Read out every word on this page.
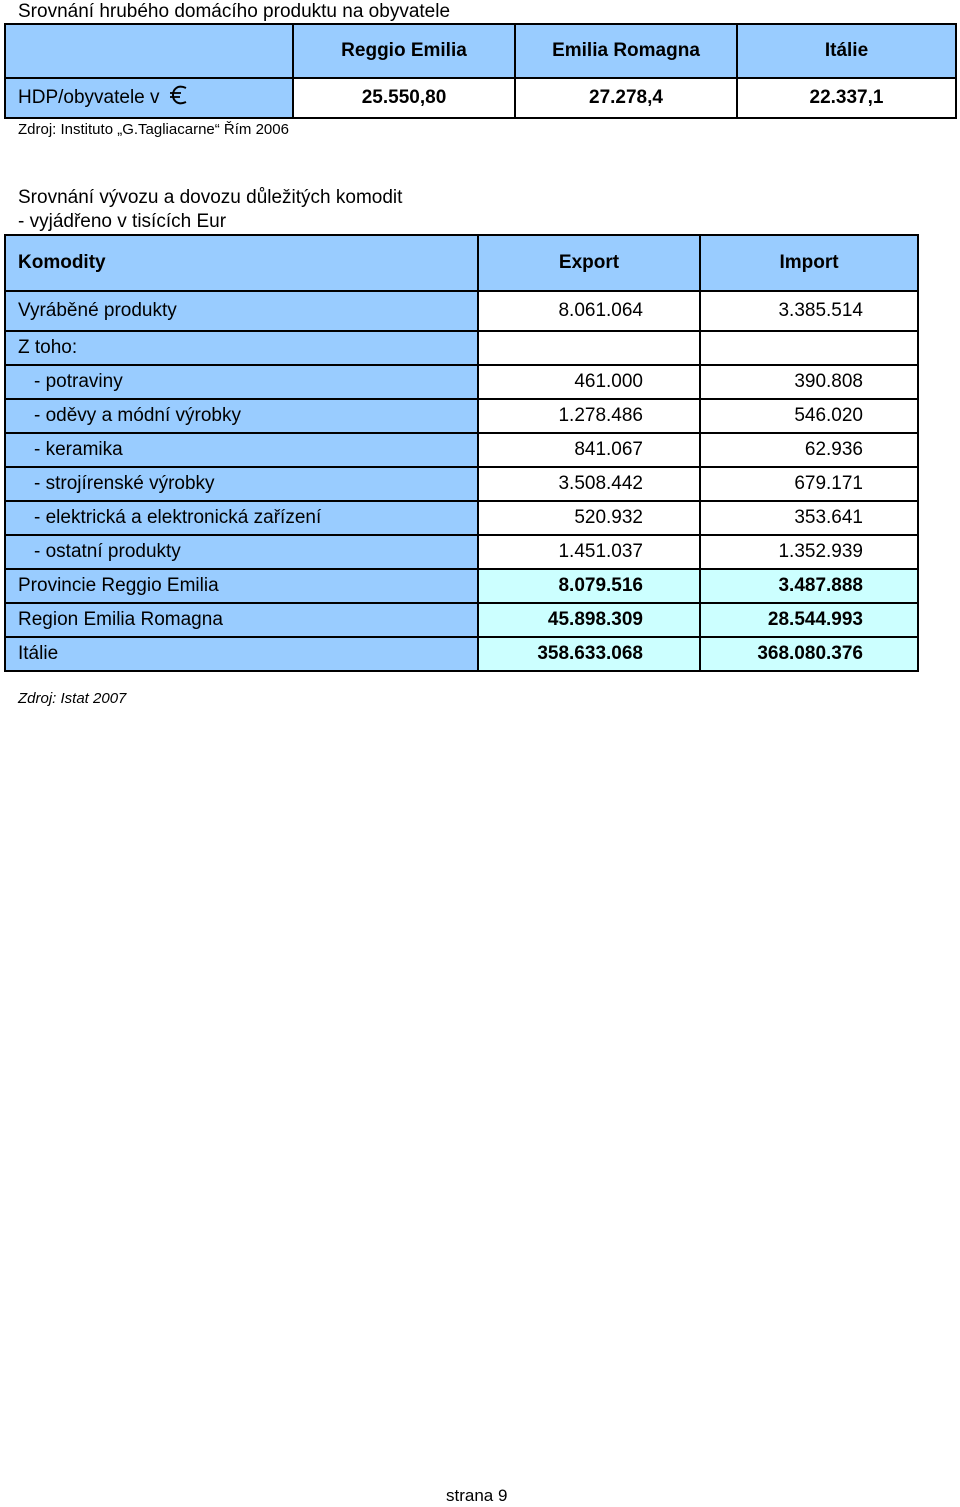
Srovnání hrubého domácího produktu na obyvatele
	Reggio Emilia	Emilia Romagna	Itálie
HDP/obyvatele v	25.550,80	27.278,4	22.337,1
Zdroj: Instituto „G.Tagliacarne“ Řím 2006
Srovnání vývozu a dovozu důležitých komodit
- vyjádřeno v tisících Eur
Komodity	Export	Import
Vyráběné produkty	8.061.064	3.385.514
Z toho:		
- potraviny	461.000	390.808
- oděvy a módní výrobky	1.278.486	546.020
- keramika	841.067	62.936
- strojírenské výrobky	3.508.442	679.171
- elektrická a elektronická zařízení	520.932	353.641
- ostatní produkty	1.451.037	1.352.939
Provincie Reggio Emilia	8.079.516	3.487.888
Region Emilia Romagna	45.898.309	28.544.993
Itálie	358.633.068	368.080.376
Zdroj: Istat 2007
strana 9
